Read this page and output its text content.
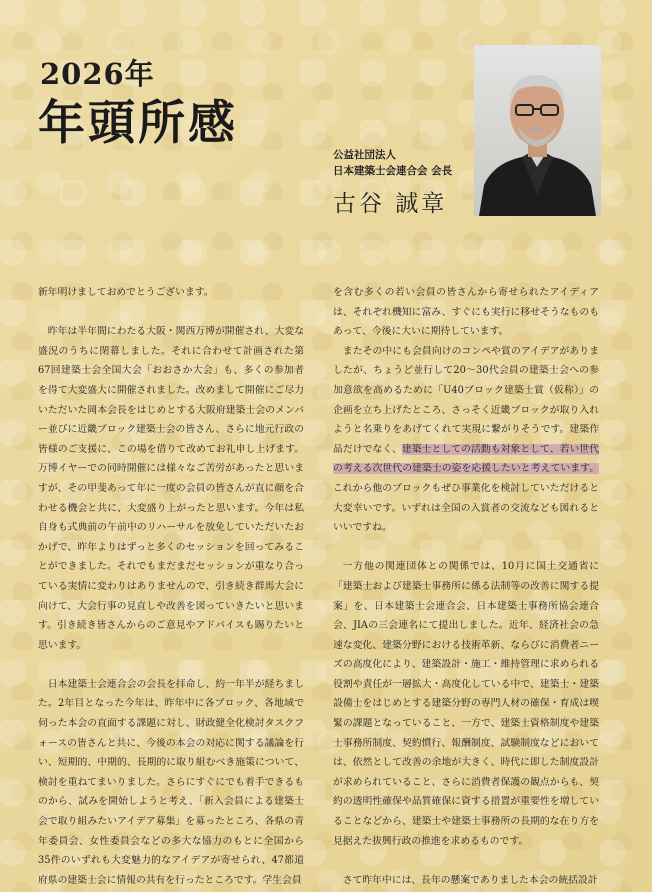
2026年
年頭所感
公益社団法人
日本建築士会連合会 会長
古谷 誠章

新年明けましておめでとうございます。

昨年は半年間にわたる大阪・関西万博が開催され、大変な盛況のうちに閉幕しました。それに合わせて計画された第67回建築士会全国大会「おおさか大会」も、多くの参加者を得て大変盛大に開催されました。改めまして開催にご尽力いただいた岡本会長をはじめとする大阪府建築士会のメンバー並びに近畿ブロック建築士会の皆さん、さらに地元行政の皆様のご支援に、この場を借りて改めてお礼申し上げます。万博イヤーでの同時開催には様々なご苦労があったと思いますが、その甲斐あって年に一度の会員の皆さんが直に顔を合わせる機会と共に、大変盛り上がったと思います。今年は私自身も式典前の午前中のリハーサルを放免していただいたおかげで、昨年よりはずっと多くのセッションを回ってみることができました。それでもまだまだセッションが重なり合っている実情に変わりはありませんので、引き続き群馬大会に向けて、大会行事の見直しや改善を図っていきたいと思います。引き続き皆さんからのご意見やアドバイスも賜りたいと思います。

日本建築士会連合会の会長を拝命し、約一年半が経ちました。2年目となった今年は、昨年中に各ブロック、各地域で伺った本会の直面する課題に対し、財政健全化検討タスクフォースの皆さんと共に、今後の本会の対応に関する議論を行い、短期的、中期的、長期的に取り組むべき施策について、検討を重ねてまいりました。さらにすぐにでも着手できるものから、試みを開始しようと考え、「新入会員による建築士会で取り組みたいアイデア募集」を募ったところ、各県の青年委員会、女性委員会などの多大な協力のもとに全国から35件のいずれも大変魅力的なアイデアが寄せられ、47都道府県の建築士会に情報の共有を行ったところです。学生会員

を含む多くの若い会員の皆さんから寄せられたアイディアは、それぞれ機知に富み、すぐにも実行に移せそうなものもあって、今後に大いに期待しています。

またその中にも会員向けのコンペや賞のアイデアがありましたが、ちょうど並行して20～30代会員の建築士会への参加意欲を高めるために「U40ブロック建築士賞（仮称）」の企画を立ち上げたところ、さっそく近畿ブロックが取り入れようと名乗りをあげてくれて実現に繋がりそうです。建築作品だけでなく、建築士としての活動も対象として、若い世代の考える次世代の建築士の姿を応援したいと考えています。これから他のブロックもぜひ事業化を検討していただけると大変幸いです。いずれは全国の入賞者の交流なども図れるといいですね。

一方他の関連団体との関係では、10月に国土交通省に「建築士および建築士事務所に係る法制等の改善に関する提案」を、日本建築士会連合会、日本建築士事務所協会連合会、JIAの三会連名にて提出しました。近年、経済社会の急速な変化、建築分野における技術革新、ならびに消費者ニーズの高度化により、建築設計・施工・維持管理に求められる役割や責任が一層拡大・高度化している中で、建築士・建築設備士をはじめとする建築分野の専門人材の確保・育成は喫緊の課題となっていること、一方で、建築士資格制度や建築士事務所制度、契約慣行、報酬制度、試験制度などにおいては、依然として改善の余地が大きく、時代に即した制度設計が求められていること、さらに消費者保護の観点からも、契約の透明性確保や品質確保に資する措置が重要性を増していることなどから、建築士や建築士事務所の長期的な在り方を見据えた抜興行政の推進を求めるものです。

さて昨年中には、長年の懸案でありました本会の統括設計
